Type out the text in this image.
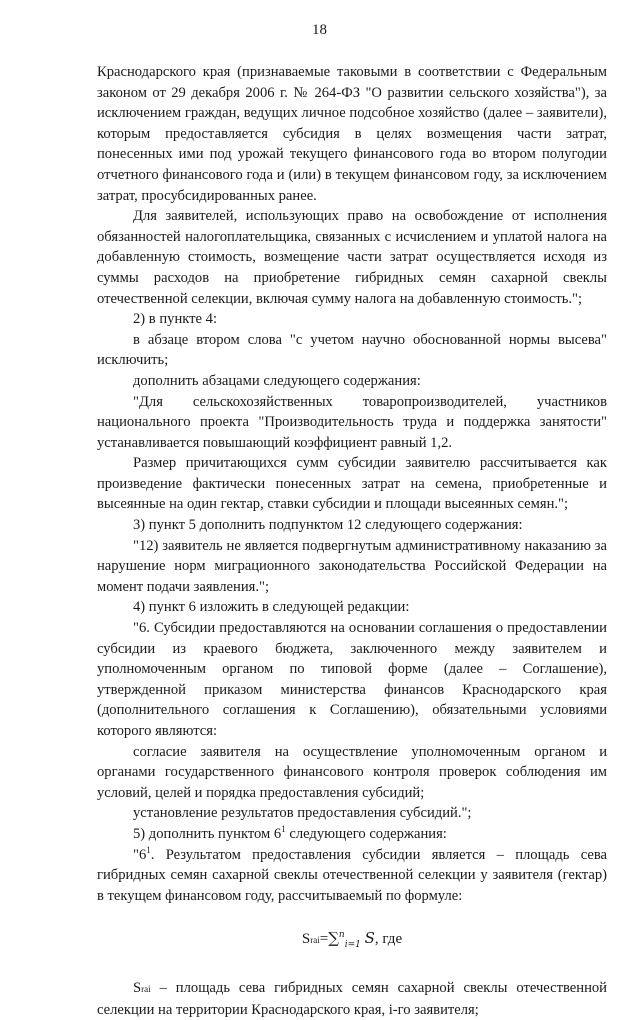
18

Краснодарского края (признаваемые таковыми в соответствии с Федеральным законом от 29 декабря 2006 г. № 264-ФЗ "О развитии сельского хозяйства"), за исключением граждан, ведущих личное подсобное хозяйство (далее – заявители), которым предоставляется субсидия в целях возмещения части затрат, понесенных ими под урожай текущего финансового года во втором полугодии отчетного финансового года и (или) в текущем финансовом году, за исключением затрат, просубсидированных ранее.

Для заявителей, использующих право на освобождение от исполнения обязанностей налогоплательщика, связанных с исчислением и уплатой налога на добавленную стоимость, возмещение части затрат осуществляется исходя из суммы расходов на приобретение гибридных семян сахарной свеклы отечественной селекции, включая сумму налога на добавленную стоимость.";

2) в пункте 4:

в абзаце втором слова "с учетом научно обоснованной нормы высева" исключить;

дополнить абзацами следующего содержания:

"Для сельскохозяйственных товаропроизводителей, участников национального проекта "Производительность труда и поддержка занятости" устанавливается повышающий коэффициент равный 1,2.

Размер причитающихся сумм субсидии заявителю рассчитывается как произведение фактически понесенных затрат на семена, приобретенные и высеянные на один гектар, ставки субсидии и площади высеянных семян.";

3) пункт 5 дополнить подпунктом 12 следующего содержания:

"12) заявитель не является подвергнутым административному наказанию за нарушение норм миграционного законодательства Российской Федерации на момент подачи заявления.";

4) пункт 6 изложить в следующей редакции:

"6. Субсидии предоставляются на основании соглашения о предоставлении субсидии из краевого бюджета, заключенного между заявителем и уполномоченным органом по типовой форме (далее – Соглашение), утвержденной приказом министерства финансов Краснодарского края (дополнительного соглашения к Соглашению), обязательными условиями которого являются:

согласие заявителя на осуществление уполномоченным органом и органами государственного финансового контроля проверок соблюдения им условий, целей и порядка предоставления субсидий;

установление результатов предоставления субсидий.";

5) дополнить пунктом $6^1$ следующего содержания:

"$6^1$. Результатом предоставления субсидии является – площадь сева гибридных семян сахарной свеклы отечественной селекции у заявителя (гектар) в текущем финансовом году, рассчитываемый по формуле:

Srai=∑$^n_{i=1}$ S, где

Srai – площадь сева гибридных семян сахарной свеклы отечественной селекции на территории Краснодарского края, i-го заявителя;
